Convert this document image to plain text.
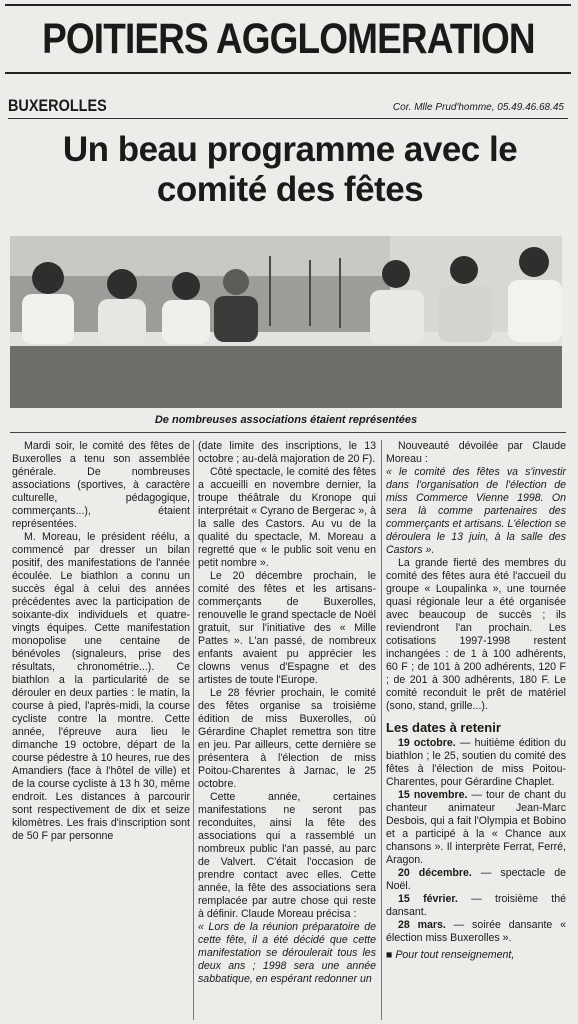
POITIERS AGGLOMERATION
BUXEROLLES	Cor. Mlle Prud'homme, 05.49.46.68.45
Un beau programme avec le comité des fêtes
De nombreuses associations étaient représentées

Mardi soir, le comité des fêtes de Buxerolles a tenu son assemblée générale. De nombreuses associations (sportives, à caractère culturelle, pédagogique, commerçants...), étaient représentées.

M. Moreau, le président réélu, a commencé par dresser un bilan positif, des manifestations de l'année écoulée. Le biathlon a connu un succès égal à celui des années précédentes avec la participation de soixante-dix individuels et quatre-vingts équipes. Cette manifestation monopolise une centaine de bénévoles (signaleurs, prise des résultats, chronométrie...). Ce biathlon a la particularité de se dérouler en deux parties : le matin, la course à pied, l'après-midi, la course cycliste contre la montre. Cette année, l'épreuve aura lieu le dimanche 19 octobre, départ de la course pédestre à 10 heures, rue des Amandiers (face à l'hôtel de ville) et de la course cycliste à 13 h 30, même endroit. Les distances à parcourir sont respectivement de dix et seize kilomètres. Les frais d'inscription sont de 50 F par personne

(date limite des inscriptions, le 13 octobre ; au-delà majoration de 20 F).

Côté spectacle, le comité des fêtes a accueilli en novembre dernier, la troupe théâtrale du Kronope qui interprétait « Cyrano de Bergerac », à la salle des Castors. Au vu de la qualité du spectacle, M. Moreau a regretté que « le public soit venu en petit nombre ».

Le 20 décembre prochain, le comité des fêtes et les artisans-commerçants de Buxerolles, renouvelle le grand spectacle de Noël gratuit, sur l'initiative des « Mille Pattes ». L'an passé, de nombreux enfants avaient pu apprécier les clowns venus d'Espagne et des artistes de toute l'Europe.

Le 28 février prochain, le comité des fêtes organise sa troisième édition de miss Buxerolles, où Gérardine Chaplet remettra son titre en jeu. Par ailleurs, cette dernière se présentera à l'élection de miss Poitou-Charentes à Jarnac, le 25 octobre.

Cette année, certaines manifestations ne seront pas reconduites, ainsi la fête des associations qui a rassemblé un nombreux public l'an passé, au parc de Valvert. C'était l'occasion de prendre contact avec elles. Cette année, la fête des associations sera remplacée par autre chose qui reste à définir. Claude Moreau précisa :

« Lors de la réunion préparatoire de cette fête, il a été décidé que cette manifestation se déroulerait tous les deux ans ; 1998 sera une année sabbatique, en espérant redonner un

Nouveauté dévoilée par Claude Moreau :

« le comité des fêtes va s'investir dans l'organisation de l'élection de miss Commerce Vienne 1998. On sera là comme partenaires des commerçants et artisans. L'élection se déroulera le 13 juin, à la salle des Castors ».

La grande fierté des membres du comité des fêtes aura été l'accueil du groupe « Loupalinka », une tournée quasi régionale leur a été organisée avec beaucoup de succès ; ils reviendront l'an prochain. Les cotisations 1997-1998 restent inchangées : de 1 à 100 adhérents, 60 F ; de 101 à 200 adhérents, 120 F ; de 201 à 300 adhérents, 180 F. Le comité reconduit le prêt de matériel (sono, stand, grille...).

Les dates à retenir

19 octobre. — huitième édition du biathlon ; le 25, soutien du comité des fêtes à l'élection de miss Poitou-Charentes, pour Gérardine Chaplet.

15 novembre. — tour de chant du chanteur animateur Jean-Marc Desbois, qui a fait l'Olympia et Bobino et a participé à la « Chance aux chansons ». Il interprète Ferrat, Ferré, Aragon.

20 décembre. — spectacle de Noël.

15 février. — troisième thé dansant.

28 mars. — soirée dansante « élection miss Buxerolles ».

■ Pour tout renseignement,
